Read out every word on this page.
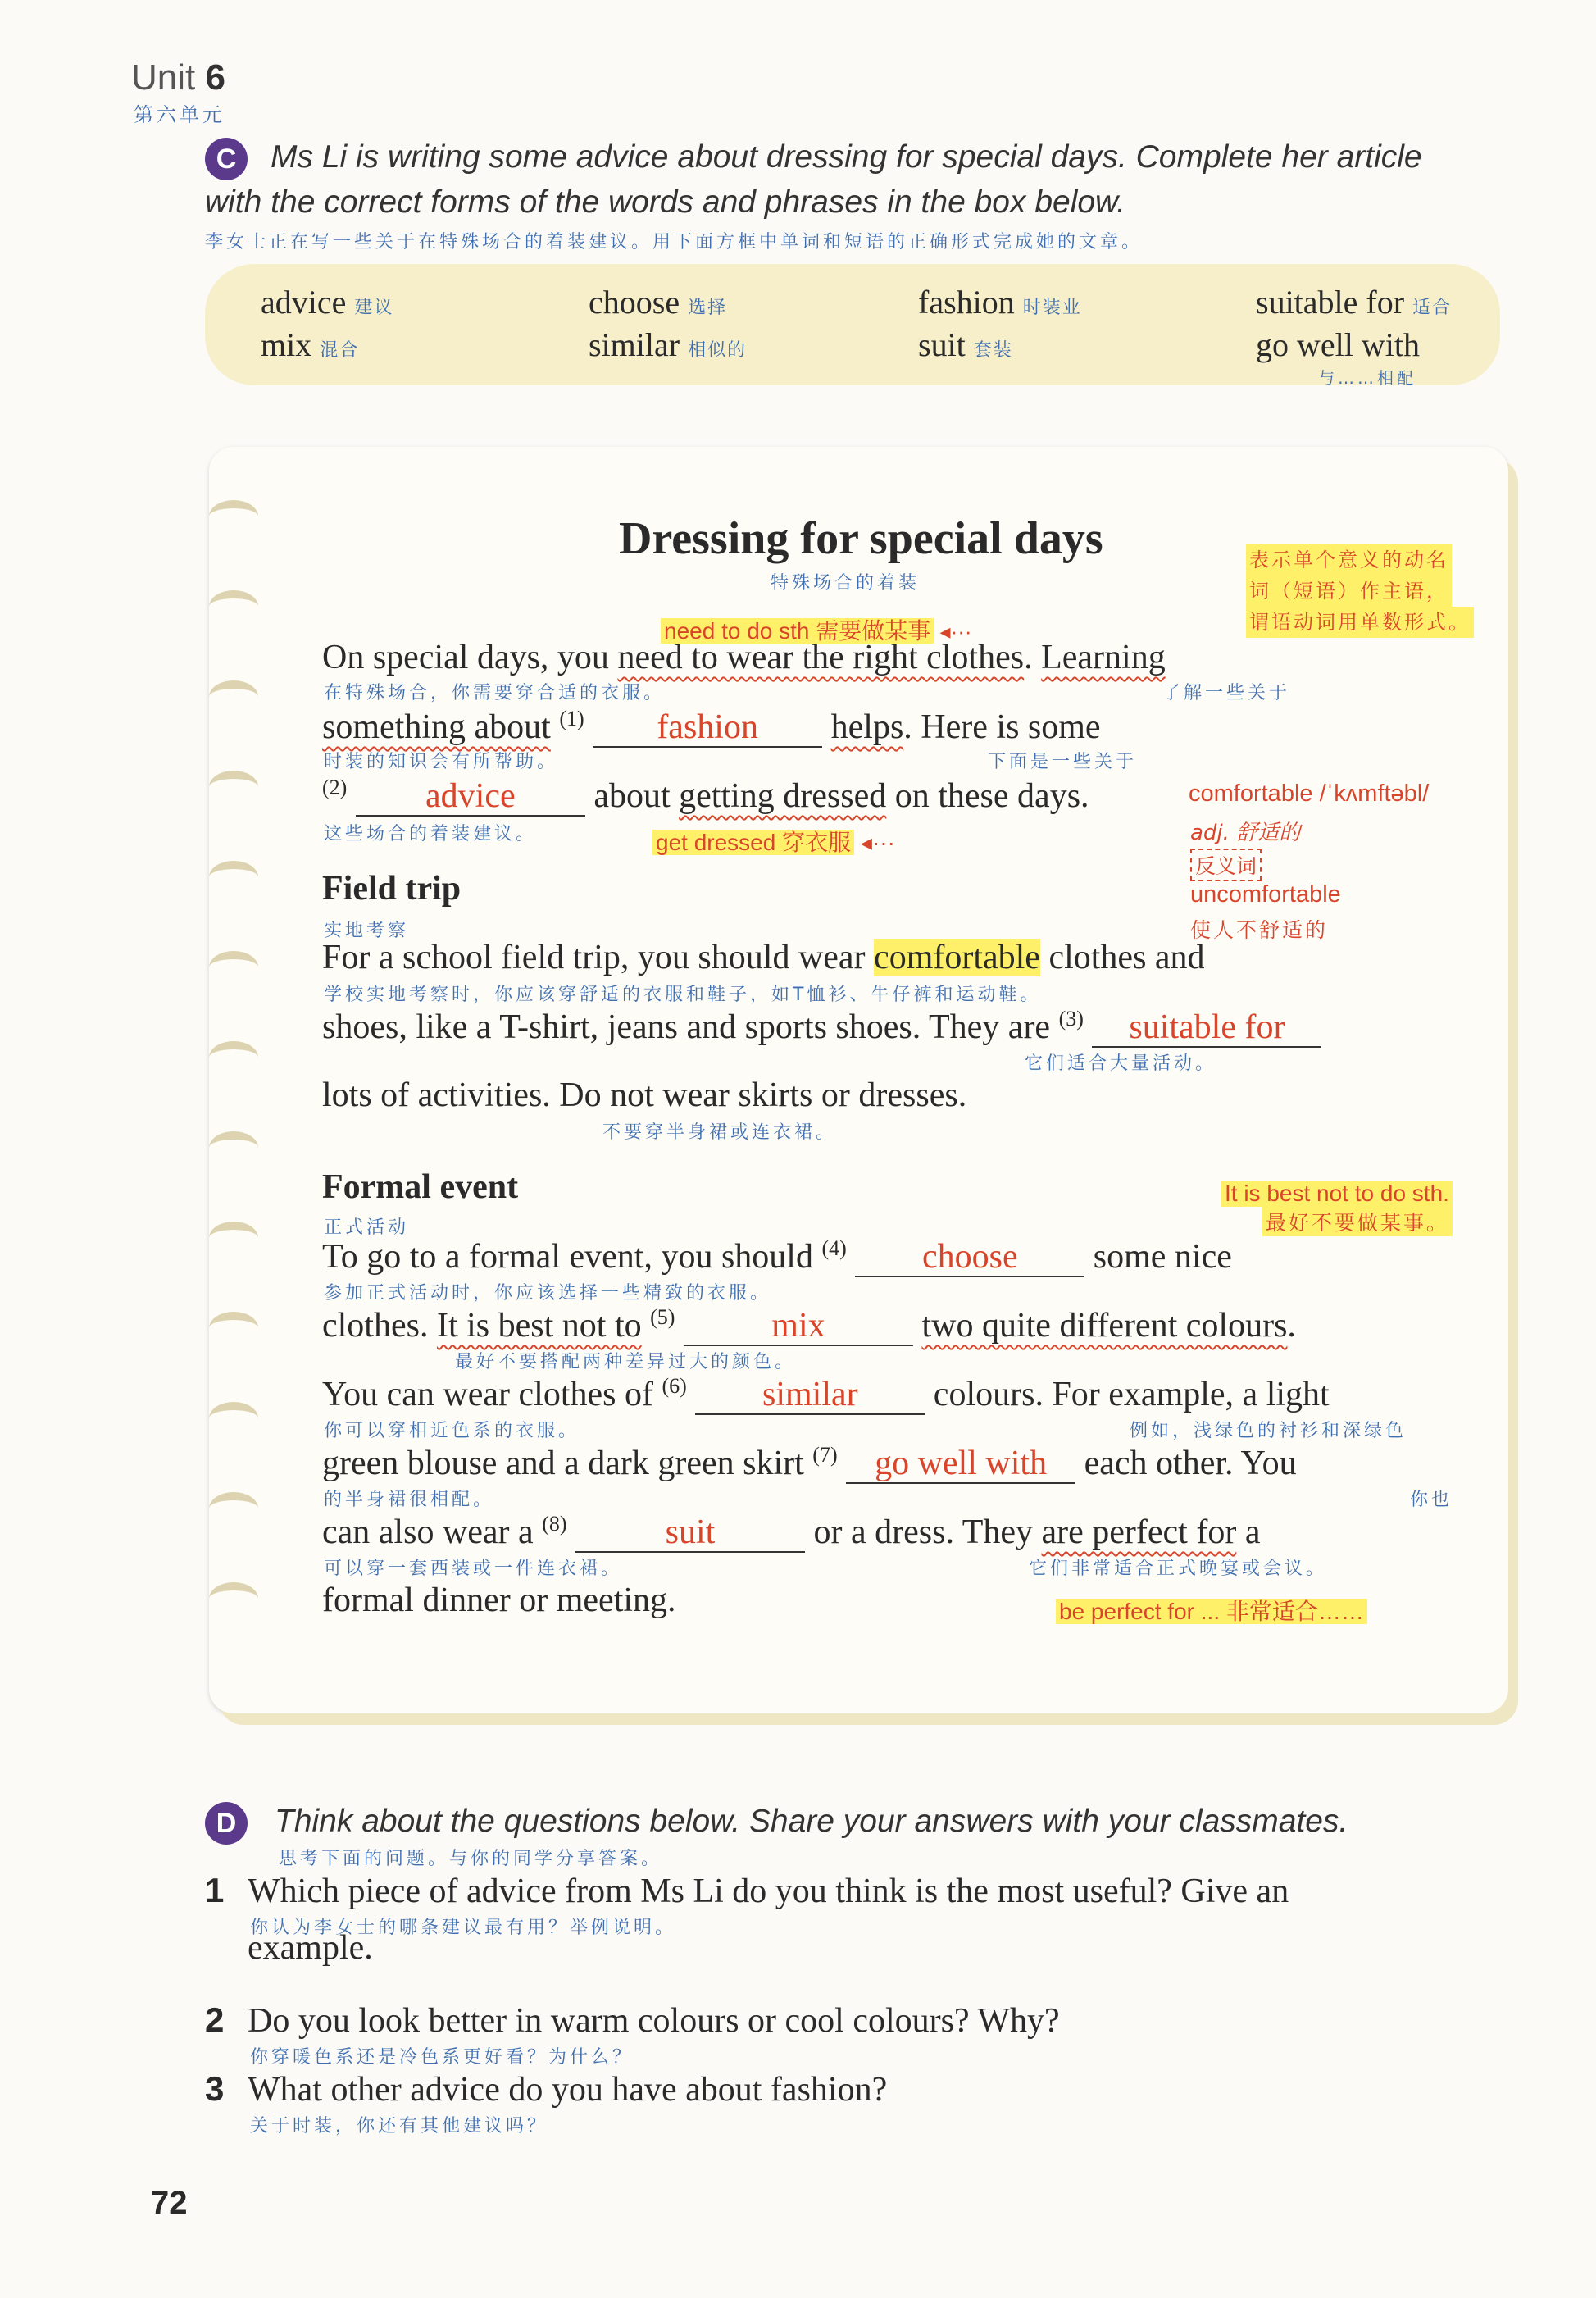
Unit 6
第六单元
C	Ms Li is writing some advice about dressing for special days. Complete her article
with the correct forms of the words and phrases in the box below.
李女士正在写一些关于在特殊场合的着装建议。用下面方框中单词和短语的正确形式完成她的文章。
advice 建议	choose 选择	fashion 时装业	suitable for 适合
mix 混合	similar 相似的	suit 套装	go well with
与……相配
Dressing for special days
特殊场合的着装
need to do sth 需要做某事 ◂···
表示单个意义的动名
词（短语）作主语，
谓语动词用单数形式。
On special days, you need to wear the right clothes. Learning
在特殊场合，你需要穿合适的衣服。	了解一些关于
something about $^{(1)}$ fashion helps. Here is some
时装的知识会有所帮助。	下面是一些关于
$^{(2)}$ advice about getting dressed on these days.
这些场合的着装建议。	get dressed 穿衣服 ◂···
comfortable /ˈkʌmftəbl/
adj. 舒适的
反义词
uncomfortable
使人不舒适的
Field trip
实地考察
For a school field trip, you should wear comfortable clothes and
学校实地考察时，你应该穿舒适的衣服和鞋子，如T恤衫、牛仔裤和运动鞋。
shoes, like a T-shirt, jeans and sports shoes. They are $^{(3)}$ suitable for
它们适合大量活动。
lots of activities. Do not wear skirts or dresses.
不要穿半身裙或连衣裙。
Formal event
正式活动
It is best not to do sth.
最好不要做某事。
To go to a formal event, you should $^{(4)}$ choose some nice
参加正式活动时，你应该选择一些精致的衣服。
clothes. It is best not to $^{(5)}$	mix	two quite different colours.
最好不要搭配两种差异过大的颜色。
You can wear clothes of $^{(6)}$ similar colours. For example, a light
你可以穿相近色系的衣服。	例如，浅绿色的衬衫和深绿色
green blouse and a dark green skirt $^{(7)}$ go well with each other. You
的半身裙很相配。	你也
can also wear a $^{(8)}$	suit	or a dress. They are perfect for a
可以穿一套西装或一件连衣裙。	它们非常适合正式晚宴或会议。
formal dinner or meeting.	be perfect for ... 非常适合……
D	Think about the questions below. Share your answers with your classmates.
思考下面的问题。与你的同学分享答案。
1 Which piece of advice from Ms Li do you think is the most useful? Give an
你认为李女士的哪条建议最有用？举例说明。
example.
2 Do you look better in warm colours or cool colours? Why?
你穿暖色系还是冷色系更好看？为什么？
3 What other advice do you have about fashion?
关于时装，你还有其他建议吗？
72
